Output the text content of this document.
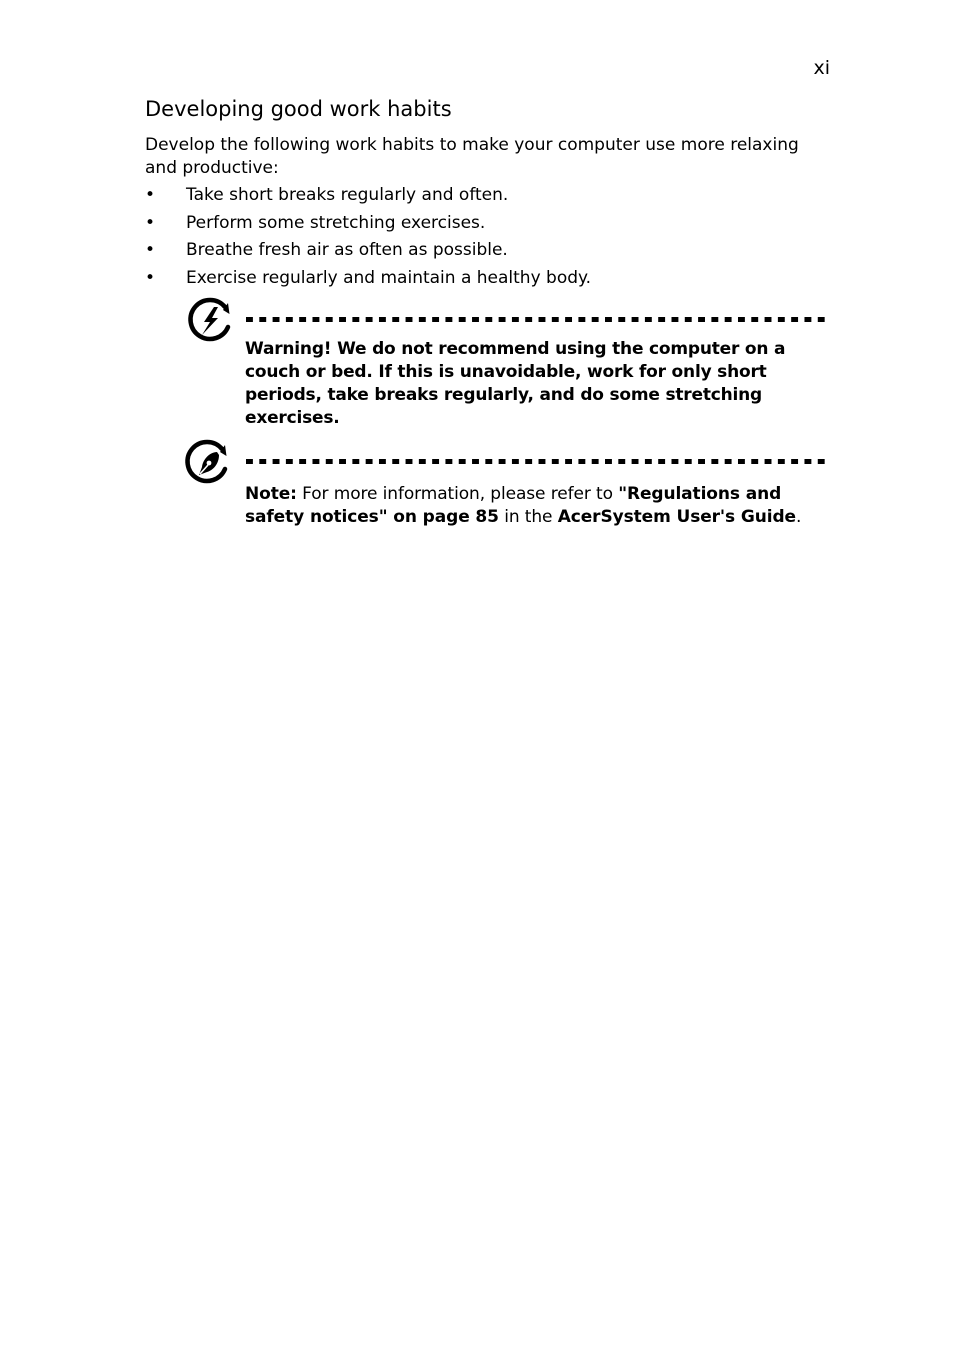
xi
Developing good work habits

Develop the following work habits to make your computer use more relaxing and productive:

•	Take short breaks regularly and often.
•	Perform some stretching exercises.
•	Breathe fresh air as often as possible.
•	Exercise regularly and maintain a healthy body.

Warning! We do not recommend using the computer on a couch or bed. If this is unavoidable, work for only short periods, take breaks regularly, and do some stretching exercises.

Note: For more information, please refer to "Regulations and safety notices" on page 85 in the AcerSystem User's Guide.
